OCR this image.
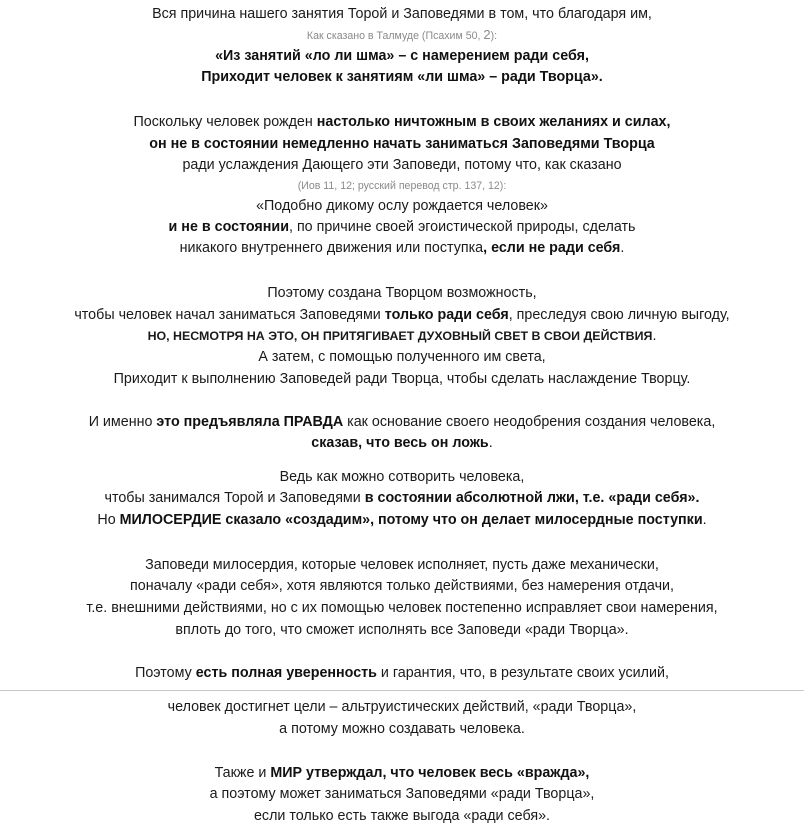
Вся причина нашего занятия Торой и Заповедями в том, что благодаря им,
Как сказано в Талмуде (Псахим 50, 2):
«Из занятий «ло ли шма» – с намерением ради себя,
Приходит человек к занятиям «ли шма» – ради Творца».
Поскольку человек рожден настолько ничтожным в своих желаниях и силах,
он не в состоянии немедленно начать заниматься Заповедями Творца
ради услаждения Дающего эти Заповеди, потому что, как сказано
(Иов 11, 12; русский перевод стр. 137, 12):
«Подобно дикому ослу рождается человек»
и не в состоянии, по причине своей эгоистической природы, сделать
никакого внутреннего движения или поступка, если не ради себя.
Поэтому создана Творцом возможность,
чтобы человек начал заниматься Заповедями только ради себя, преследуя свою личную выгоду,
НО, НЕСМОТРЯ НА ЭТО, ОН ПРИТЯГИВАЕТ ДУХОВНЫЙ СВЕТ В СВОИ ДЕЙСТВИЯ.
А затем, с помощью полученного им света,
Приходит к выполнению Заповедей ради Творца, чтобы сделать наслаждение Творцу.
И именно это предъявляла ПРАВДА как основание своего неодобрения создания человека,
сказав, что весь он ложь.
Ведь как можно сотворить человека,
чтобы занимался Торой и Заповедями в состоянии абсолютной лжи, т.е. «ради себя».
Но МИЛОСЕРДИЕ сказало «создадим», потому что он делает милосердные поступки.
Заповеди милосердия, которые человек исполняет, пусть даже механически,
поначалу «ради себя», хотя являются только действиями, без намерения отдачи,
т.е. внешними действиями, но с их помощью человек постепенно исправляет свои намерения,
вплоть до того, что сможет исполнять все Заповеди «ради Творца».
Поэтому есть полная уверенность и гарантия, что, в результате своих усилий,
человек достигнет цели – альтруистических действий, «ради Творца»,
а потому можно создавать человека.
Также и МИР утверждал, что человек весь «вражда»,
а поэтому может заниматься Заповедями «ради Творца»,
если только есть также выгода «ради себя».
